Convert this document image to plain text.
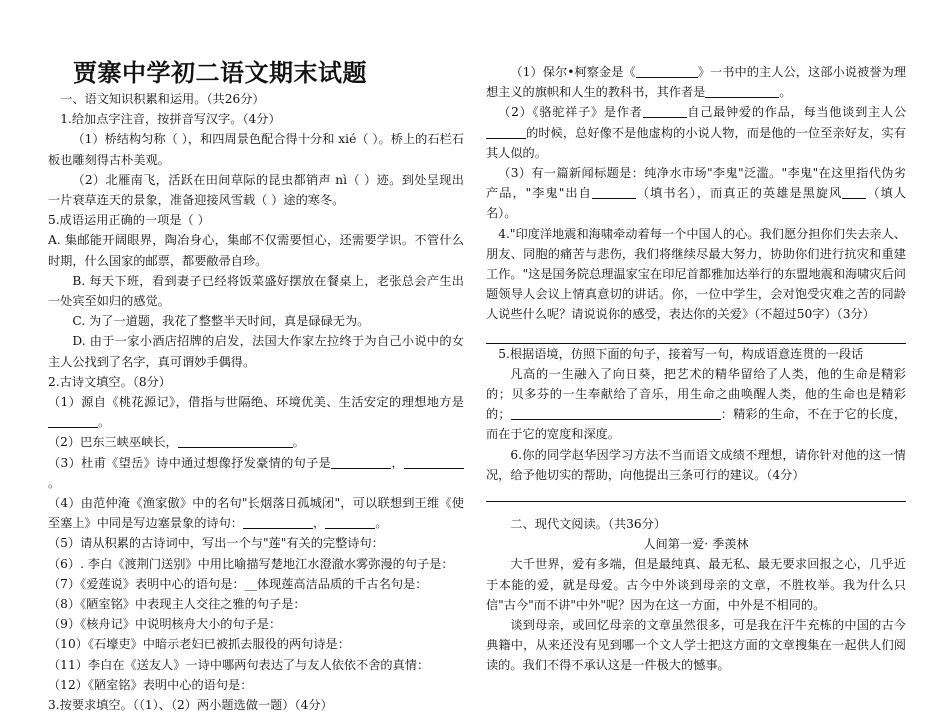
贾寨中学初二语文期末试题

一、语文知识积累和运用。（共26分）

1.给加点字注音，按拼音写汉字。（4分）

（1）桥结构匀称（ ），和四周景色配合得十分和 xié（ ）。桥上的石栏石板也雕刻得古朴美观。

（2）北雁南飞，活跃在田间草际的昆虫都销声 nì（ ）迹。到处呈现出一片衰草连天的景象，准备迎接风雪载（ ）途的寒冬。

5.成语运用正确的一项是（ ）

A. 集邮能开阔眼界，陶冶身心，集邮不仅需要恒心，还需要学识。不管什么时期，什么国家的邮票，都要敝帚自珍。

B. 每天下班，看到妻子已经将饭菜盛好摆放在餐桌上，老张总会产生出一处宾至如归的感觉。

C. 为了一道题，我花了整整半天时间，真是碌碌无为。

D. 由于一家小酒店招牌的启发，法国大作家左拉终于为自己小说中的女主人公找到了名字，真可谓妙手偶得。

2.古诗文填空。（8分）

（1）源自《桃花源记》，借指与世隔绝、环境优美、生活安定的理想地方是。

（2）巴东三峡巫峡长，	。

（3）杜甫《望岳》诗中通过想像抒发豪情的句子是	，。

（4）由范仲淹《渔家傲》中的名句"长烟落日孤城闭"，可以联想到王维《使至塞上》中同是写边塞景象的诗句：	，	。

（5）请从积累的古诗词中，写出一个与"莲"有关的完整诗句：

（6）. 李白《渡荆门送别》中用比喻描写楚地江水澄澈水雾弥漫的句子是：

（7）《爱莲说》表明中心的语句是：__体现莲高洁品质的千古名句是：

（8）《陋室铭》中表现主人交往之雅的句子是：

（9）《核舟记》中说明核舟大小的句子是：

（10）《石壕吏》中暗示老妇已被抓去服役的两句诗是：

（11）李白在《送友人》一诗中哪两句表达了与友人依依不舍的真情：

（12）《陋室铭》表明中心的语句是：

3.按要求填空。（（1）、（2）两小题选做一题）（4分）

（1）保尔•柯察金是《	》一书中的主人公，这部小说被誉为理想主义的旗帜和人生的教科书，其作者是	。

（2）《骆驼祥子》是作者	自己最钟爱的作品，每当他谈到主人公的时候，总好像不是他虚构的小说人物，而是他的一位至亲好友，实有其人似的。

（3）有一篇新闻标题是：纯净水市场"李鬼"泛滥。"李鬼"在这里指代伪劣产品，"李鬼"出自	（填书名），而真正的英雄是黑旋风 （填人名）。

4."印度洋地震和海啸牵动着每一个中国人的心。我们愿分担你们失去亲人、朋友、同胞的痛苦与悲伤，我们将继续尽最大努力，协助你们进行抗灾和重建工作。"这是国务院总理温家宝在印尼首都雅加达举行的东盟地震和海啸灾后问题领导人会议上情真意切的讲话。你，一位中学生，会对饱受灾难之苦的同龄人说些什么呢？请说说你的感受，表达你的关爱》（不超过50字）（3分）

5.根据语境，仿照下面的句子，接着写一句，构成语意连贯的一段话

凡高的一生融入了向日葵，把艺术的精华留给了人类，他的生命是精彩的；贝多芬的一生奉献给了音乐，用生命之曲唤醒人类，他的生命也是精彩的；	：精彩的生命，不在于它的长度，而在于它的宽度和深度。

6.你的同学赵华因学习方法不当而语文成绩不理想，请你针对他的这一情况，给予他切实的帮助，向他提出三条可行的建议。（4分）

二、现代文阅读。（共36分）

人间第一爱· 季羡林

大千世界，爱有多端，但是最纯真、最无私、最无要求回报之心，几乎近于本能的爱，就是母爱。古今中外谈到母亲的文章，不胜枚举。我为什么只信"古今"而不讲"中外"呢？因为在这一方面，中外是不相同的。

谈到母亲，或回忆母亲的文章虽然很多，可是我在汗牛充栋的中国的古今典籍中，从来还没有见到哪一个文人学士把这方面的文章搜集在一起供人们阅读的。我们不得不承认这是一件极大的憾事。
